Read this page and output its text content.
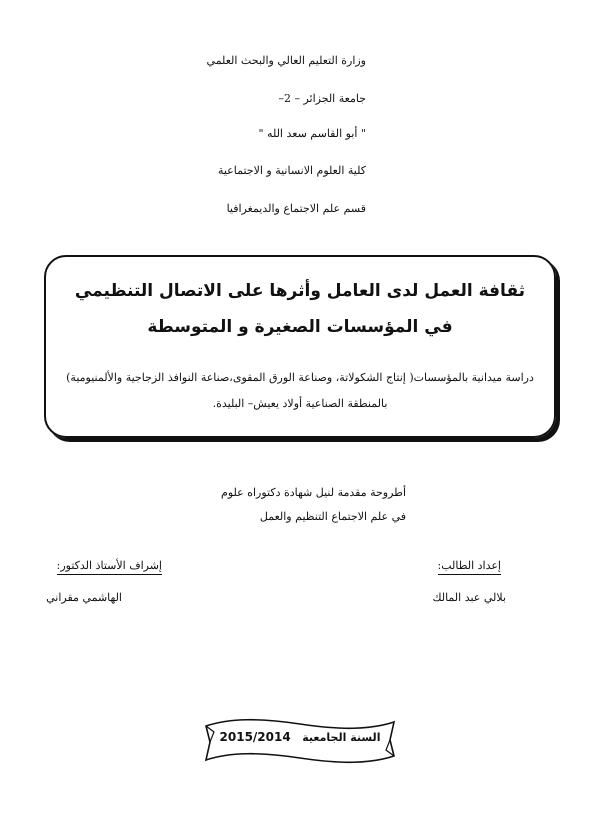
وزارة التعليم العالي والبحث العلمي
جامعة الجزائر – 2–
" أبو القاسم سعد الله "
كلية العلوم الانسانية و الاجتماعية
قسم علم الاجتماع والديمغرافيا
ثقافة العمل لدى العامل وأثرها على الاتصال التنظيمي في المؤسسات الصغيرة و المتوسطة
دراسة ميدانية بالمؤسسات( إنتاج الشكولاتة، وصناعة الورق المقوى،صناعة النوافذ الزجاجية والألمنيومية) بالمنطقة الصناعية أولاد يعيش– البليدة.
أطروحة مقدمة لنيل شهادة دكتوراه علوم
في علم الاجتماع التنظيم والعمل
إعداد الطالب:
بلالي عبد المالك
إشراف الأستاذ الدكتور:
الهاشمي مقراني
السنة الجامعية   2015/2014
